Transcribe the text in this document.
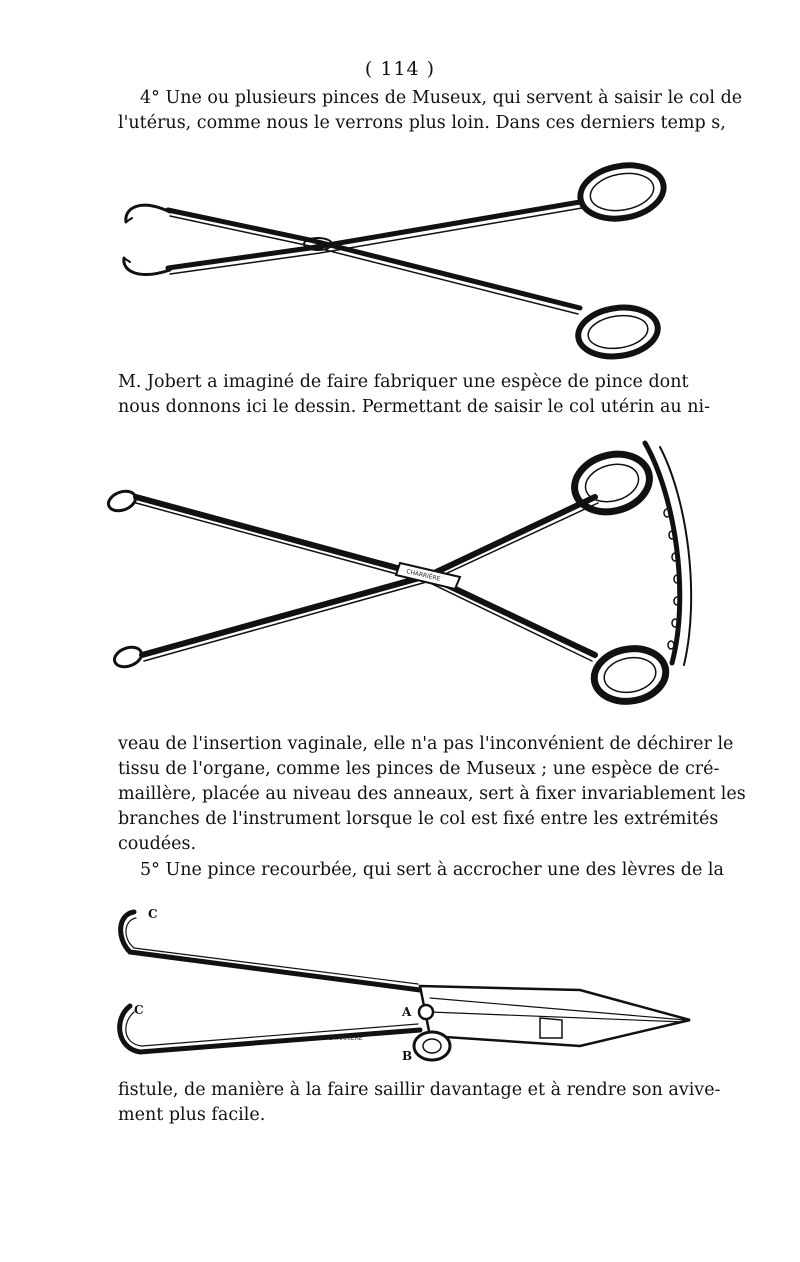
( 114 )
4° Une ou plusieurs pinces de Museux, qui servent à saisir le col de
l'utérus, comme nous le verrons plus loin. Dans ces derniers temp s,
M. Jobert a imaginé de faire fabriquer une espèce de pince dont
nous donnons ici le dessin. Permettant de saisir le col utérin au ni-
CHARRIÈRE
veau de l'insertion vaginale, elle n'a pas l'inconvénient de déchirer le
tissu de l'organe, comme les pinces de Museux ; une espèce de cré-
maillère, placée au niveau des anneaux, sert à fixer invariablement les
branches de l'instrument lorsque le col est fixé entre les extrémités
coudées.
5° Une pince recourbée, qui sert à accrocher une des lèvres de la
C
C	A
B
CHARRIÈRE
fistule, de manière à la faire saillir davantage et à rendre son avive-
ment plus facile.
